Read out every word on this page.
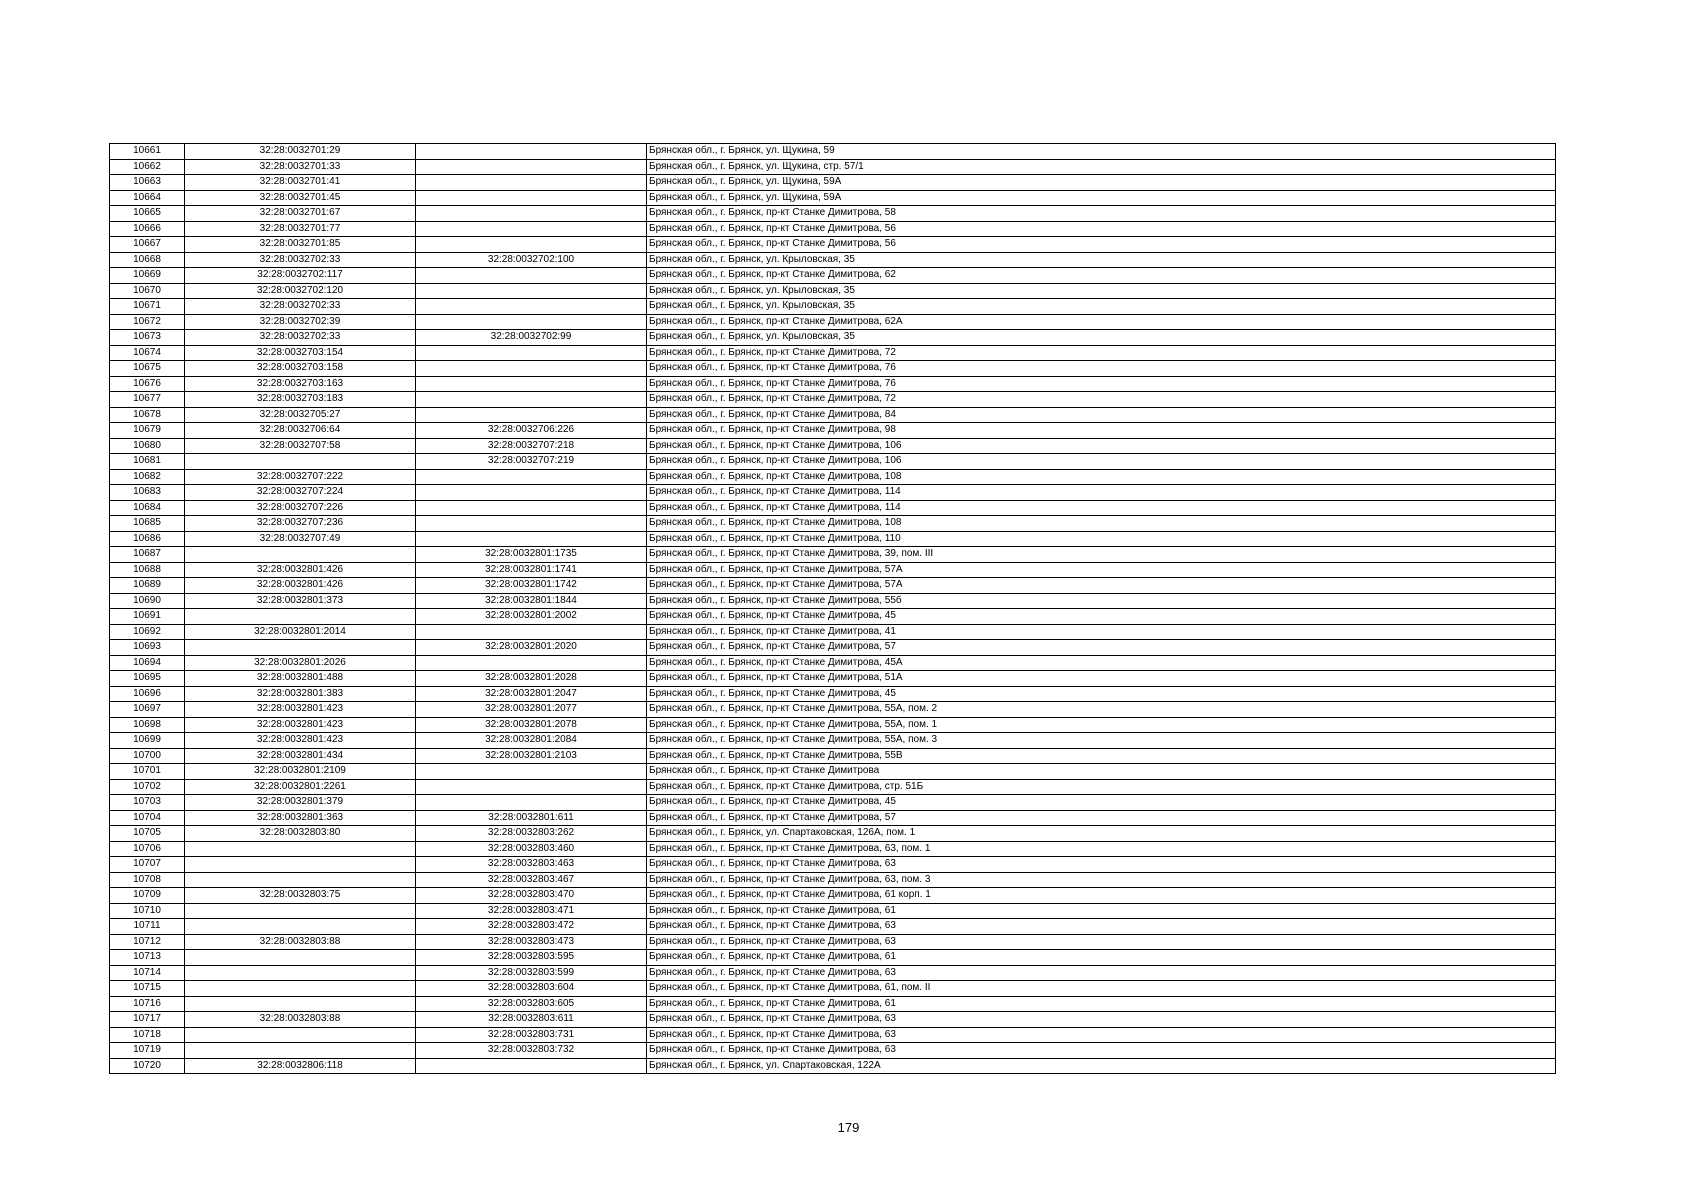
10661	32:28:0032701:29		Брянская обл., г. Брянск, ул. Щукина, 59
10662	32:28:0032701:33		Брянская обл., г. Брянск, ул. Щукина, стр. 57/1
10663	32:28:0032701:41		Брянская обл., г. Брянск, ул. Щукина, 59А
10664	32:28:0032701:45		Брянская обл., г. Брянск, ул. Щукина, 59А
10665	32:28:0032701:67		Брянская обл., г. Брянск, пр-кт Станке Димитрова, 58
10666	32:28:0032701:77		Брянская обл., г. Брянск, пр-кт Станке Димитрова, 56
10667	32:28:0032701:85		Брянская обл., г. Брянск, пр-кт Станке Димитрова, 56
10668	32:28:0032702:33	32:28:0032702:100	Брянская обл., г. Брянск, ул. Крыловская, 35
10669	32:28:0032702:117		Брянская обл., г. Брянск, пр-кт Станке Димитрова, 62
10670	32:28:0032702:120		Брянская обл., г. Брянск, ул. Крыловская, 35
10671	32:28:0032702:33		Брянская обл., г. Брянск, ул. Крыловская, 35
10672	32:28:0032702:39		Брянская обл., г. Брянск, пр-кт Станке Димитрова, 62А
10673	32:28:0032702:33	32:28:0032702:99	Брянская обл., г. Брянск, ул. Крыловская, 35
10674	32:28:0032703:154		Брянская обл., г. Брянск, пр-кт Станке Димитрова, 72
10675	32:28:0032703:158		Брянская обл., г. Брянск, пр-кт Станке Димитрова, 76
10676	32:28:0032703:163		Брянская обл., г. Брянск, пр-кт Станке Димитрова, 76
10677	32:28:0032703:183		Брянская обл., г. Брянск, пр-кт Станке Димитрова, 72
10678	32:28:0032705:27		Брянская обл., г. Брянск, пр-кт Станке Димитрова, 84
10679	32:28:0032706:64	32:28:0032706:226	Брянская обл., г. Брянск, пр-кт Станке Димитрова, 98
10680	32:28:0032707:58	32:28:0032707:218	Брянская обл., г. Брянск, пр-кт Станке Димитрова, 106
10681		32:28:0032707:219	Брянская обл., г. Брянск, пр-кт Станке Димитрова, 106
10682	32:28:0032707:222		Брянская обл., г. Брянск, пр-кт Станке Димитрова, 108
10683	32:28:0032707:224		Брянская обл., г. Брянск, пр-кт Станке Димитрова, 114
10684	32:28:0032707:226		Брянская обл., г. Брянск, пр-кт Станке Димитрова, 114
10685	32:28:0032707:236		Брянская обл., г. Брянск, пр-кт Станке Димитрова, 108
10686	32:28:0032707:49		Брянская обл., г. Брянск, пр-кт Станке Димитрова, 110
10687		32:28:0032801:1735	Брянская обл., г. Брянск, пр-кт Станке Димитрова, 39, пом. III
10688	32:28:0032801:426	32:28:0032801:1741	Брянская обл., г. Брянск, пр-кт Станке Димитрова, 57А
10689	32:28:0032801:426	32:28:0032801:1742	Брянская обл., г. Брянск, пр-кт Станке Димитрова, 57А
10690	32:28:0032801:373	32:28:0032801:1844	Брянская обл., г. Брянск, пр-кт Станке Димитрова, 55б
10691		32:28:0032801:2002	Брянская обл., г. Брянск, пр-кт Станке Димитрова, 45
10692	32:28:0032801:2014		Брянская обл., г. Брянск, пр-кт Станке Димитрова, 41
10693		32:28:0032801:2020	Брянская обл., г. Брянск, пр-кт Станке Димитрова, 57
10694	32:28:0032801:2026		Брянская обл., г. Брянск, пр-кт Станке Димитрова, 45А
10695	32:28:0032801:488	32:28:0032801:2028	Брянская обл., г. Брянск, пр-кт Станке Димитрова, 51А
10696	32:28:0032801:383	32:28:0032801:2047	Брянская обл., г. Брянск, пр-кт Станке Димитрова, 45
10697	32:28:0032801:423	32:28:0032801:2077	Брянская обл., г. Брянск, пр-кт Станке Димитрова, 55А, пом. 2
10698	32:28:0032801:423	32:28:0032801:2078	Брянская обл., г. Брянск, пр-кт Станке Димитрова, 55А, пом. 1
10699	32:28:0032801:423	32:28:0032801:2084	Брянская обл., г. Брянск, пр-кт Станке Димитрова, 55А, пом. 3
10700	32:28:0032801:434	32:28:0032801:2103	Брянская обл., г. Брянск, пр-кт Станке Димитрова, 55В
10701	32:28:0032801:2109		Брянская обл., г. Брянск, пр-кт Станке Димитрова
10702	32:28:0032801:2261		Брянская обл., г. Брянск, пр-кт Станке Димитрова, стр. 51Б
10703	32:28:0032801:379		Брянская обл., г. Брянск, пр-кт Станке Димитрова, 45
10704	32:28:0032801:363	32:28:0032801:611	Брянская обл., г. Брянск, пр-кт Станке Димитрова, 57
10705	32:28:0032803:80	32:28:0032803:262	Брянская обл., г. Брянск, ул. Спартаковская, 126А, пом. 1
10706		32:28:0032803:460	Брянская обл., г. Брянск, пр-кт Станке Димитрова, 63, пом. 1
10707		32:28:0032803:463	Брянская обл., г. Брянск, пр-кт Станке Димитрова, 63
10708		32:28:0032803:467	Брянская обл., г. Брянск, пр-кт Станке Димитрова, 63, пом. 3
10709	32:28:0032803:75	32:28:0032803:470	Брянская обл., г. Брянск, пр-кт Станке Димитрова, 61 корп. 1
10710		32:28:0032803:471	Брянская обл., г. Брянск, пр-кт Станке Димитрова, 61
10711		32:28:0032803:472	Брянская обл., г. Брянск, пр-кт Станке Димитрова, 63
10712	32:28:0032803:88	32:28:0032803:473	Брянская обл., г. Брянск, пр-кт Станке Димитрова, 63
10713		32:28:0032803:595	Брянская обл., г. Брянск, пр-кт Станке Димитрова, 61
10714		32:28:0032803:599	Брянская обл., г. Брянск, пр-кт Станке Димитрова, 63
10715		32:28:0032803:604	Брянская обл., г. Брянск, пр-кт Станке Димитрова, 61, пом. II
10716		32:28:0032803:605	Брянская обл., г. Брянск, пр-кт Станке Димитрова, 61
10717	32:28:0032803:88	32:28:0032803:611	Брянская обл., г. Брянск, пр-кт Станке Димитрова, 63
10718		32:28:0032803:731	Брянская обл., г. Брянск, пр-кт Станке Димитрова, 63
10719		32:28:0032803:732	Брянская обл., г. Брянск, пр-кт Станке Димитрова, 63
10720	32:28:0032806:118		Брянская обл., г. Брянск, ул. Спартаковская, 122А
179
